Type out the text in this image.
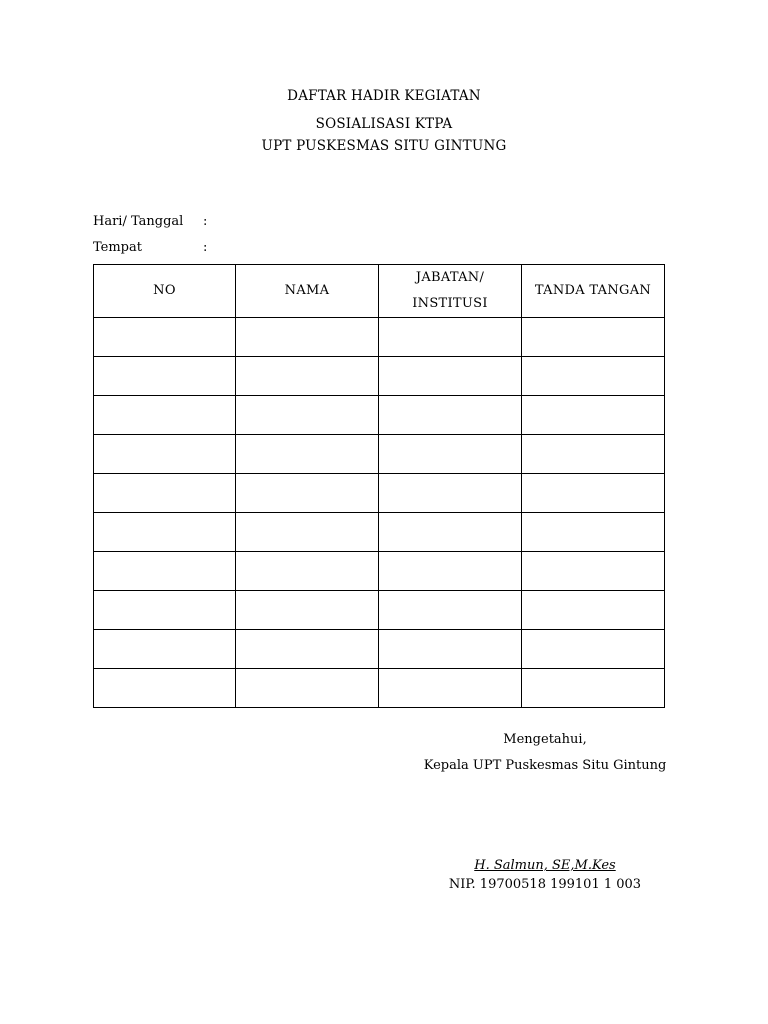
DAFTAR HADIR KEGIATAN
SOSIALISASI KTPA
UPT PUSKESMAS SITU GINTUNG
Hari/ Tanggal :
Tempat	:
NO	NAMA	JABATAN/ INSTITUSI	TANDA TANGAN

Mengetahui,
Kepala UPT Puskesmas Situ Gintung
H. Salmun, SE,M.Kes
NIP. 19700518 199101 1 003
